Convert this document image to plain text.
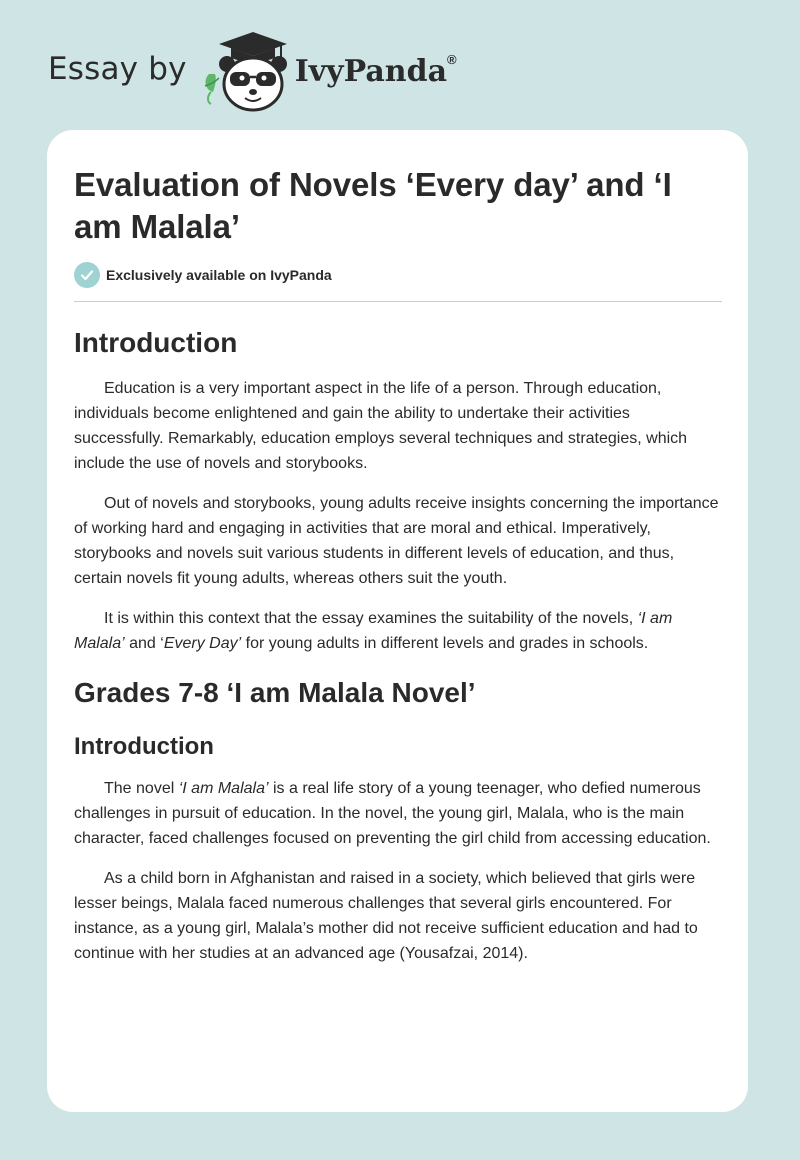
Essay by	IvyPanda®
Evaluation of Novels ‘Every day’ and ‘I am Malala’
Exclusively available on IvyPanda
Introduction

Education is a very important aspect in the life of a person. Through education, individuals become enlightened and gain the ability to undertake their activities successfully. Remarkably, education employs several techniques and strategies, which include the use of novels and storybooks.

Out of novels and storybooks, young adults receive insights concerning the importance of working hard and engaging in activities that are moral and ethical. Imperatively, storybooks and novels suit various students in different levels of education, and thus, certain novels fit young adults, whereas others suit the youth.

It is within this context that the essay examines the suitability of the novels, ‘I am Malala’ and ‘Every Day’ for young adults in different levels and grades in schools.

Grades 7-8 ‘I am Malala Novel’
Introduction

The novel ‘I am Malala’ is a real life story of a young teenager, who defied numerous challenges in pursuit of education. In the novel, the young girl, Malala, who is the main character, faced challenges focused on preventing the girl child from accessing education.

As a child born in Afghanistan and raised in a society, which believed that girls were lesser beings, Malala faced numerous challenges that several girls encountered. For instance, as a young girl, Malala’s mother did not receive sufficient education and had to continue with her studies at an advanced age (Yousafzai, 2014).
